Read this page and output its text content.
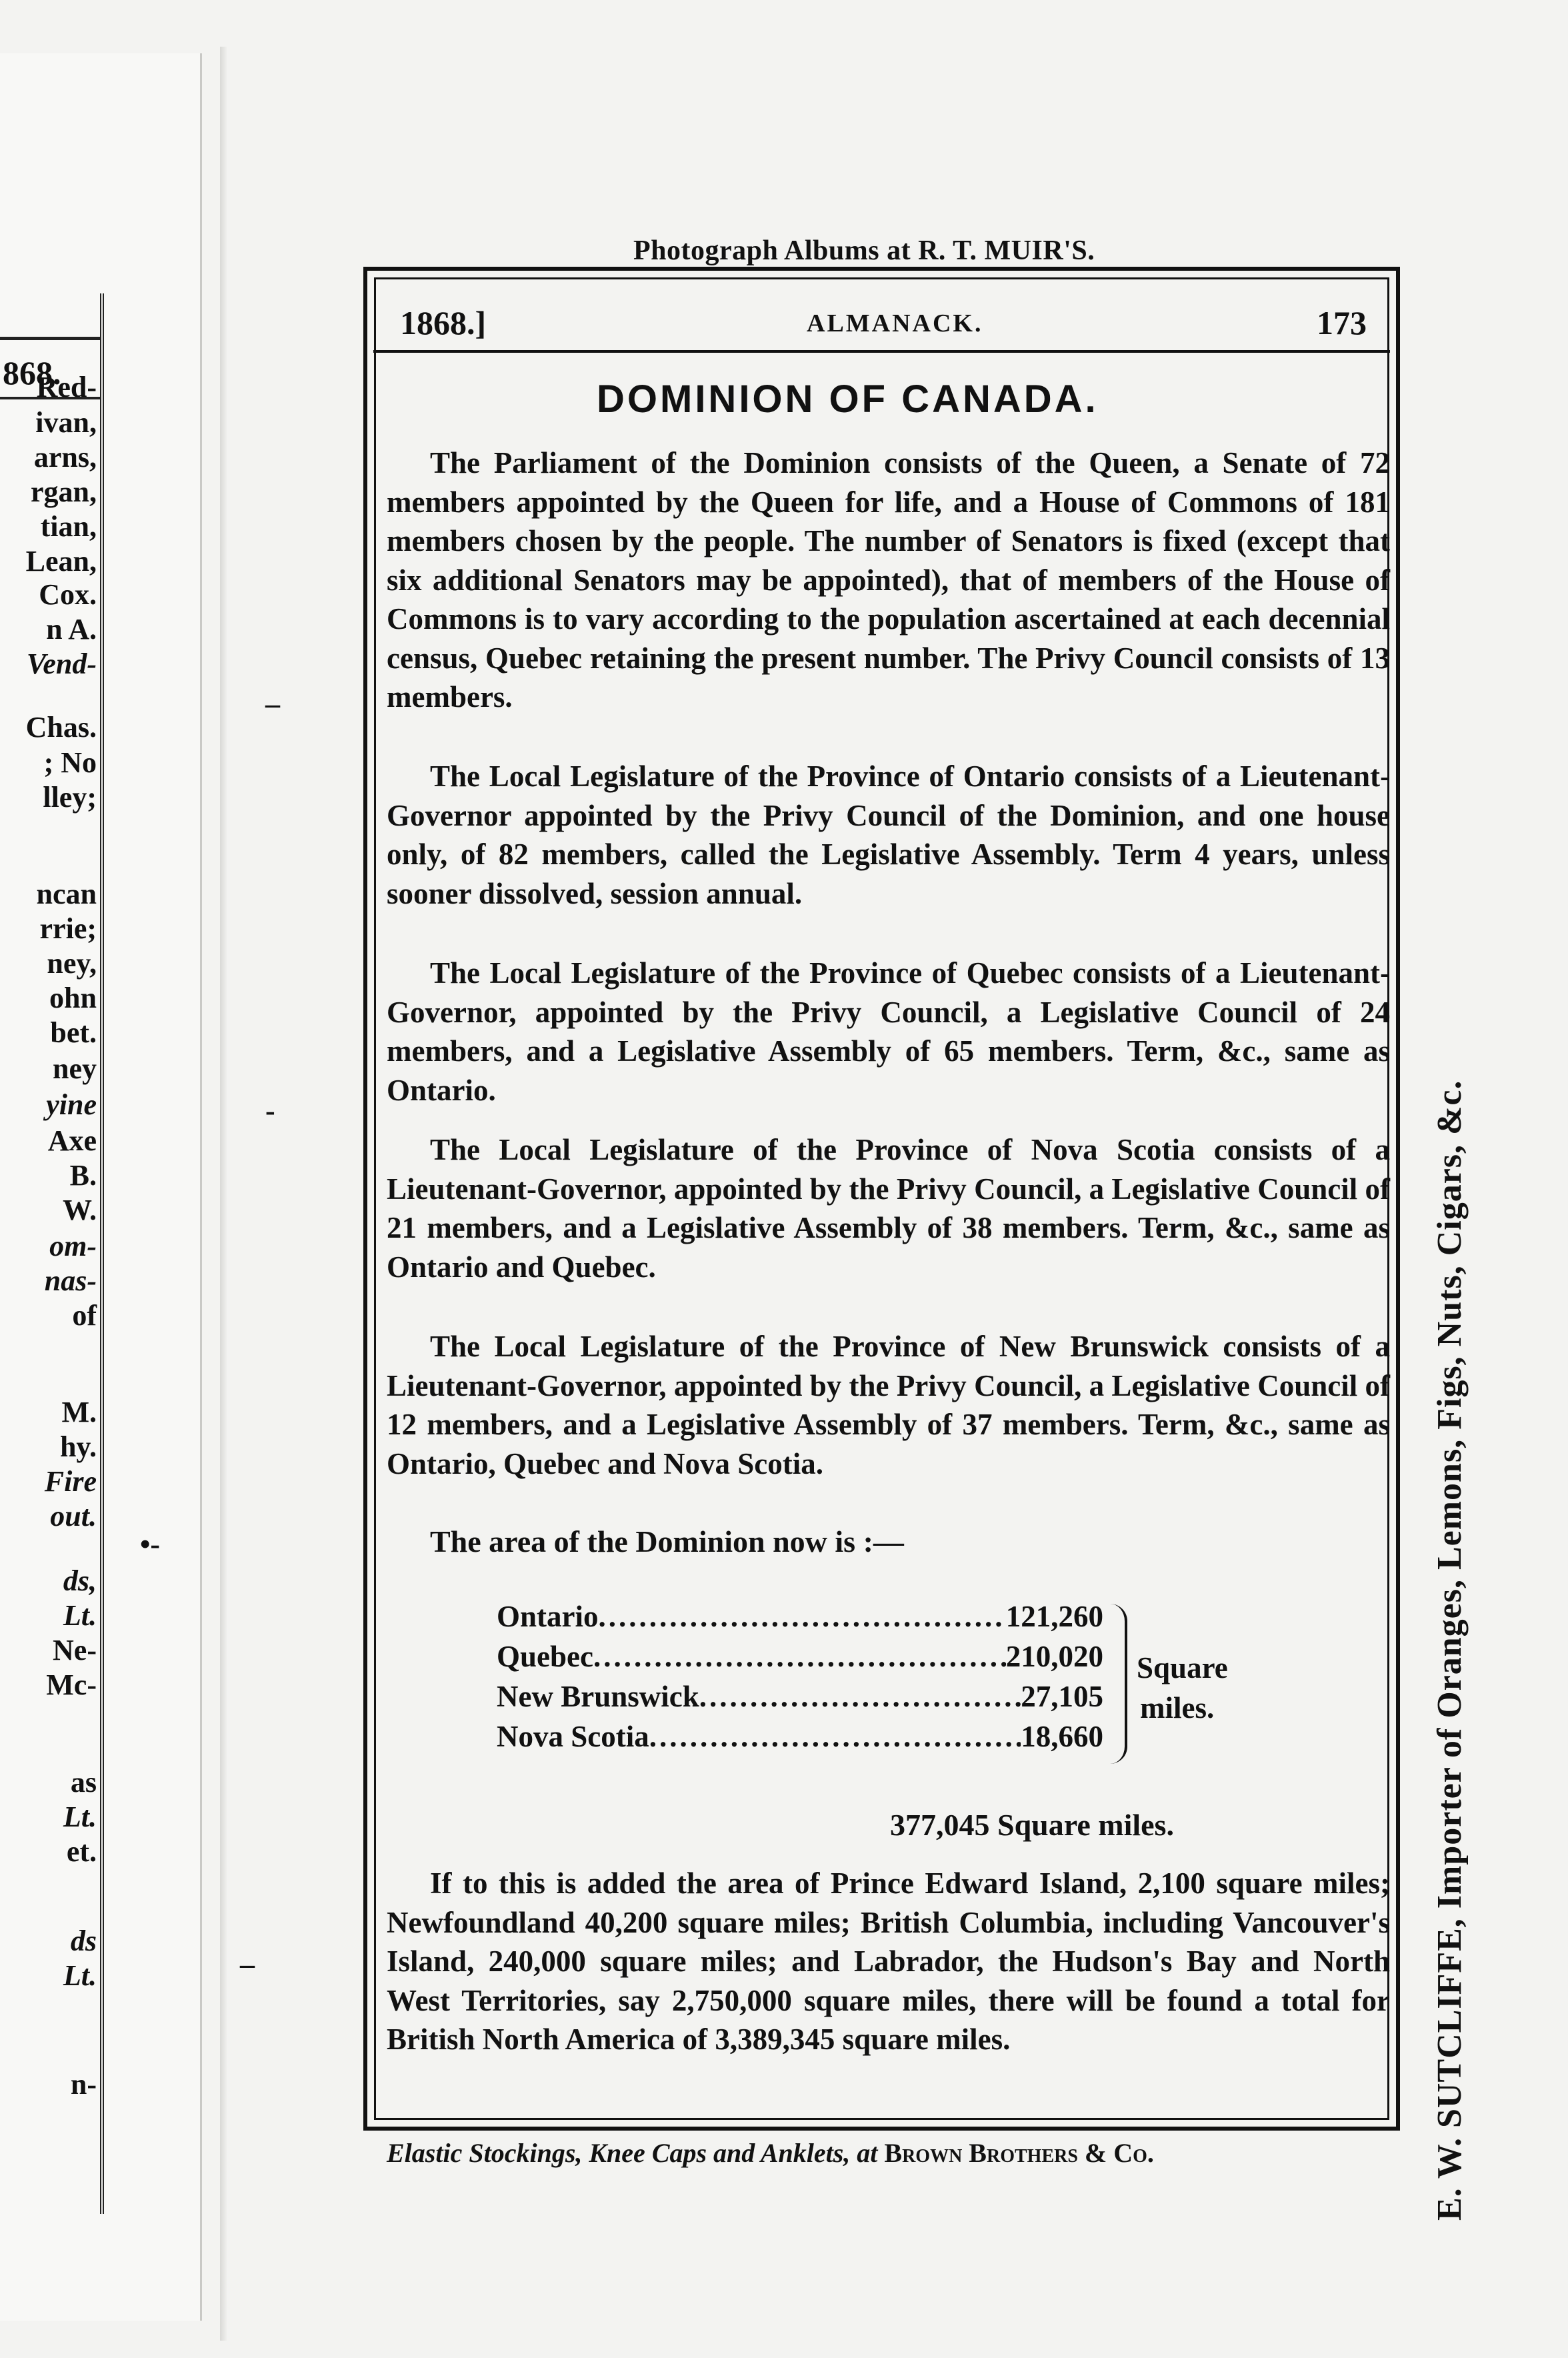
868.
Red-
ivan,
arns,
rgan,
tian,
Lean,
Cox.
n A.
Vend-
Chas.
; No
lley;
ncan
rrie;
ney,
ohn
bet.
ney
yine
Axe
B.
W.
om-
nas-
of
M.
hy.
Fire
out.
ds,
Lt.
Ne-
Mc-
as
Lt.
et.
ds
Lt.
n-
Photograph Albums at R. T. MUIR'S.
1868.]	ALMANACK.	173
DOMINION OF CANADA.

The Parliament of the Dominion consists of the Queen, a Senate of 72 members appointed by the Queen for life, and a House of Commons of 181 members chosen by the people. The number of Senators is fixed (except that six additional Senators may be appointed), that of members of the House of Commons is to vary according to the population ascertained at each decennial census, Quebec retaining the present number. The Privy Council consists of 13 members.

The Local Legislature of the Province of Ontario consists of a Lieutenant-Governor appointed by the Privy Council of the Dominion, and one house only, of 82 members, called the Legislative Assembly. Term 4 years, unless sooner dissolved, session annual.

The Local Legislature of the Province of Quebec consists of a Lieutenant-Governor, appointed by the Privy Council, a Legislative Council of 24 members, and a Legislative Assembly of 65 members. Term, &c., same as Ontario.

The Local Legislature of the Province of Nova Scotia consists of a Lieutenant-Governor, appointed by the Privy Council, a Legislative Council of 21 members, and a Legislative Assembly of 38 members. Term, &c., same as Ontario and Quebec.

The Local Legislature of the Province of New Brunswick consists of a Lieutenant-Governor, appointed by the Privy Council, a Legislative Council of 12 members, and a Legislative Assembly of 37 members. Term, &c., same as Ontario, Quebec and Nova Scotia.

The area of the Dominion now is :—
Ontario .....	121,260
Quebec .....	210,020
New Brunswick .....	27,105
Nova Scotia .....	18,660
Square
miles.
377,045 Square miles.

If to this is added the area of Prince Edward Island, 2,100 square miles; Newfoundland 40,200 square miles; British Columbia, including Vancouver's Island, 240,000 square miles; and Labrador, the Hudson's Bay and North West Territories, say 2,750,000 square miles, there will be found a total for British North America of 3,389,345 square miles.

Elastic Stockings, Knee Caps and Anklets, at Brown Brothers & Co.	E. W. SUTCLIFFE, Importer of Oranges, Lemons, Figs, Nuts, Cigars, &c.
–
‑
•-
–
